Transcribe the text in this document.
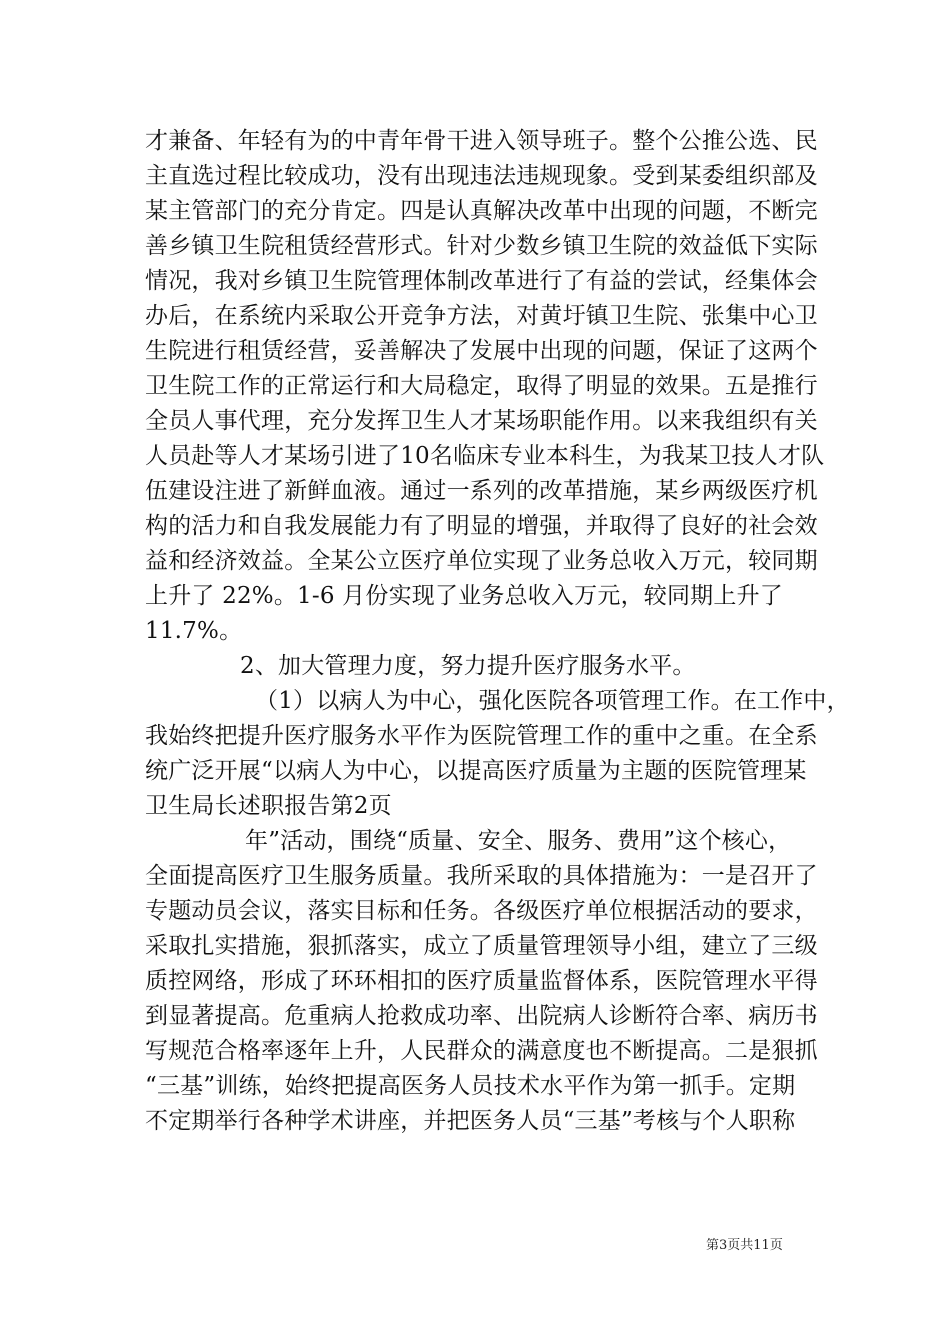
才兼备、年轻有为的中青年骨干进入领导班子。整个公推公选、民
主直选过程比较成功，没有出现违法违规现象。受到某委组织部及
某主管部门的充分肯定。四是认真解决改革中出现的问题，不断完
善乡镇卫生院租赁经营形式。针对少数乡镇卫生院的效益低下实际
情况，我对乡镇卫生院管理体制改革进行了有益的尝试，经集体会
办后，在系统内采取公开竞争方法，对黄圩镇卫生院、张集中心卫
生院进行租赁经营，妥善解决了发展中出现的问题，保证了这两个
卫生院工作的正常运行和大局稳定，取得了明显的效果。五是推行
全员人事代理，充分发挥卫生人才某场职能作用。以来我组织有关
人员赴等人才某场引进了10名临床专业本科生，为我某卫技人才队
伍建设注进了新鲜血液。通过一系列的改革措施，某乡两级医疗机
构的活力和自我发展能力有了明显的增强，并取得了良好的社会效
益和经济效益。全某公立医疗单位实现了业务总收入万元，较同期
上升了 22%。1-6 月份实现了业务总收入万元，较同期上升了
11.7%。
2、加大管理力度，努力提升医疗服务水平。
（1）以病人为中心，强化医院各项管理工作。在工作中，
我始终把提升医疗服务水平作为医院管理工作的重中之重。在全系
统广泛开展“以病人为中心，以提高医疗质量为主题的医院管理某
卫生局长述职报告第2页
年”活动，围绕“质量、安全、服务、费用”这个核心，
全面提高医疗卫生服务质量。我所采取的具体措施为：一是召开了
专题动员会议，落实目标和任务。各级医疗单位根据活动的要求，
采取扎实措施，狠抓落实，成立了质量管理领导小组，建立了三级
质控网络，形成了环环相扣的医疗质量监督体系，医院管理水平得
到显著提高。危重病人抢救成功率、出院病人诊断符合率、病历书
写规范合格率逐年上升，人民群众的满意度也不断提高。二是狠抓
“三基”训练，始终把提高医务人员技术水平作为第一抓手。定期
不定期举行各种学术讲座，并把医务人员“三基”考核与个人职称
第3页共11页
